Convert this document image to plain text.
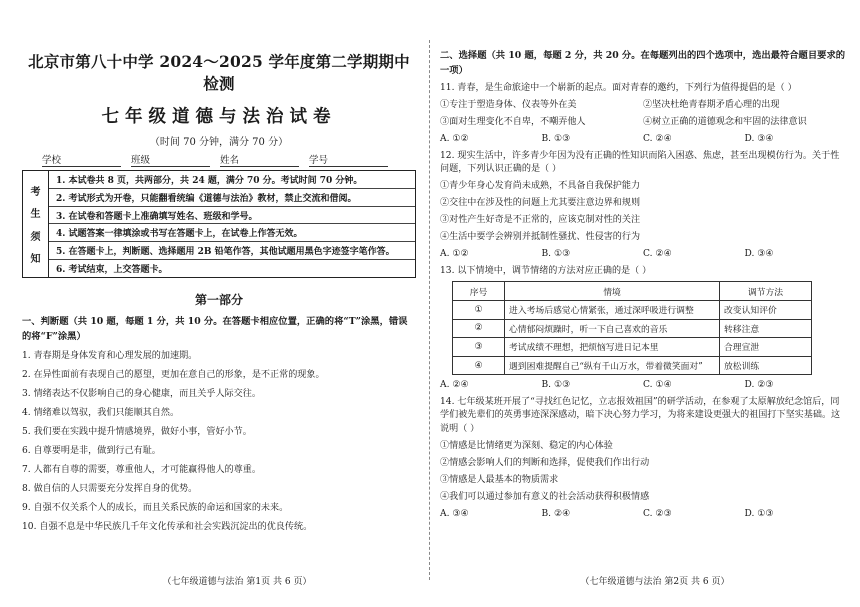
北京市第八十中学 2024～2025 学年度第二学期期中检测
七年级道德与法治试卷
（时间 70 分钟，满分 70 分）
学校	班级	姓名	学号
考
生
须
知
1. 本试卷共 8 页，共两部分，共 24 题，满分 70 分。考试时间 70 分钟。
2. 考试形式为开卷，只能翻看统编《道德与法治》教材，禁止交流和借阅。
3. 在试卷和答题卡上准确填写姓名、班级和学号。
4. 试题答案一律填涂或书写在答题卡上，在试卷上作答无效。
5. 在答题卡上，判断题、选择题用 2B 铅笔作答，其他试题用黑色字迹签字笔作答。
6. 考试结束，上交答题卡。
第一部分
一、判断题（共 10 题，每题 1 分，共 10 分。在答题卡相应位置，正确的将“T”涂黑，错误的将“F”涂黑）
1. 青春期是身体发育和心理发展的加速期。
2. 在异性面前有表现自己的愿望，更加在意自己的形象，是不正常的现象。
3. 情绪表达不仅影响自己的身心健康，而且关乎人际交往。
4. 情绪难以驾驭，我们只能顺其自然。
5. 我们要在实践中提升情感境界，做好小事，管好小节。
6. 自尊要明是非，做到行己有耻。
7. 人都有自尊的需要，尊重他人，才可能赢得他人的尊重。
8. 做自信的人只需要充分发挥自身的优势。
9. 自强不仅关系个人的成长，而且关系民族的命运和国家的未来。
10. 自强不息是中华民族几千年文化传承和社会实践沉淀出的优良传统。
（七年级道德与法治 第1页 共 6 页）
二、选择题（共 10 题，每题 2 分，共 20 分。在每题列出的四个选项中，选出最符合题目要求的一项）
11. 青春，是生命旅途中一个崭新的起点。面对青春的邀约，下列行为值得提倡的是（ ）
①专注于塑造身体、仪表等外在美	②坚决杜绝青春期矛盾心理的出现
③面对生理变化不自卑，不嘲弄他人	④树立正确的道德观念和牢固的法律意识
A. ①②	B. ①③	C. ②④	D. ③④
12. 现实生活中，许多青少年因为没有正确的性知识而陷入困惑、焦虑，甚至出现模仿行为。关于性问题，下列认识正确的是（ ）
①青少年身心发育尚未成熟，不具备自我保护能力
②交往中在涉及性的问题上尤其要注意边界和规则
③对性产生好奇是不正常的，应该克制对性的关注
④生活中要学会辨别并抵制性骚扰、性侵害的行为
A. ①②	B. ①③	C. ②④	D. ③④
13. 以下情境中，调节情绪的方法对应正确的是（ ）
序号	情境	调节方法
①	进入考场后感觉心情紧张，通过深呼吸进行调整	改变认知评价
②	心情郁闷烦躁时，听一下自己喜欢的音乐	转移注意
③	考试成绩不理想，把烦恼写进日记本里	合理宣泄
④	遇到困难提醒自己“纵有千山万水，带着微笑面对”	放松训练
A. ②④	B. ①③	C. ①④	D. ②③
14. 七年级某班开展了“寻找红色记忆，立志报效祖国”的研学活动，在参观了太原解放纪念馆后，同学们被先辈们的英勇事迹深深感动，暗下决心努力学习，为将来建设更强大的祖国打下坚实基础。这说明（ ）
①情感是比情绪更为深刻、稳定的内心体验
②情感会影响人们的判断和选择，促使我们作出行动
③情感是人最基本的物质需求
④我们可以通过参加有意义的社会活动获得积极情感
A. ③④	B. ②④	C. ②③	D. ①③
（七年级道德与法治 第2页 共 6 页）
